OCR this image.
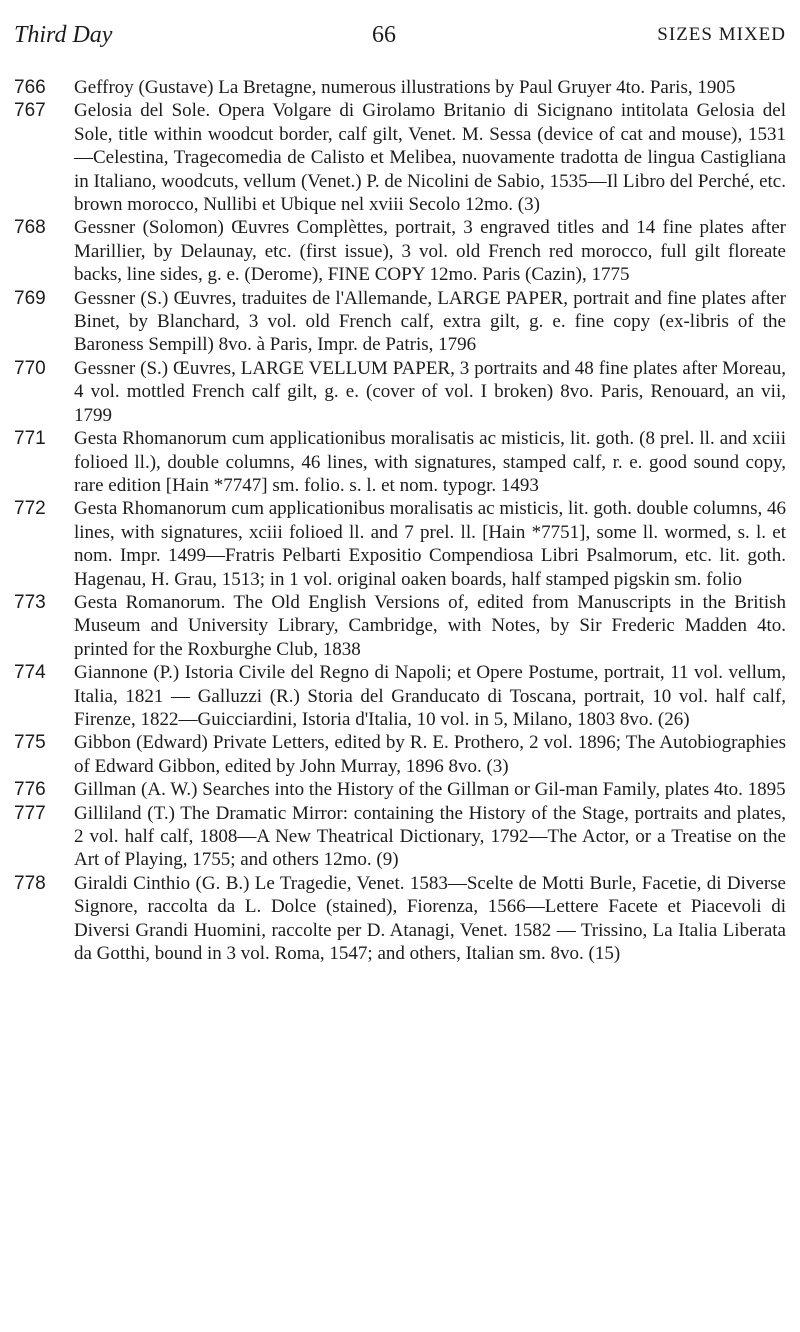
Third Day	66	SIZES MIXED
766	Geffroy (Gustave) La Bretagne, numerous illustrations by Paul Gruyer 4to. Paris, 1905
767	Gelosia del Sole. Opera Volgare di Girolamo Britanio di Sicignano intitolata Gelosia del Sole, title within woodcut border, calf gilt, Venet. M. Sessa (device of cat and mouse), 1531—Celestina, Tragecomedia de Calisto et Melibea, nuovamente tradotta de lingua Castigliana in Italiano, woodcuts, vellum (Venet.) P. de Nicolini de Sabio, 1535—Il Libro del Perché, etc. brown morocco, Nullibi et Ubique nel xviii Secolo 12mo. (3)
768	Gessner (Solomon) Œuvres Complèttes, portrait, 3 engraved titles and 14 fine plates after Marillier, by Delaunay, etc. (first issue), 3 vol. old French red morocco, full gilt floreate backs, line sides, g. e. (Derome), FINE COPY 12mo. Paris (Cazin), 1775
769	Gessner (S.) Œuvres, traduites de l'Allemande, LARGE PAPER, portrait and fine plates after Binet, by Blanchard, 3 vol. old French calf, extra gilt, g. e. fine copy (ex-libris of the Baroness Sempill) 8vo. à Paris, Impr. de Patris, 1796
770	Gessner (S.) Œuvres, LARGE VELLUM PAPER, 3 portraits and 48 fine plates after Moreau, 4 vol. mottled French calf gilt, g. e. (cover of vol. I broken) 8vo. Paris, Renouard, an vii, 1799
771	Gesta Rhomanorum cum applicationibus moralisatis ac misticis, lit. goth. (8 prel. ll. and xciii folioed ll.), double columns, 46 lines, with signatures, stamped calf, r. e. good sound copy, rare edition [Hain *7747] sm. folio. s. l. et nom. typogr. 1493
772	Gesta Rhomanorum cum applicationibus moralisatis ac misticis, lit. goth. double columns, 46 lines, with signatures, xciii folioed ll. and 7 prel. ll. [Hain *7751], some ll. wormed, s. l. et nom. Impr. 1499—Fratris Pelbarti Expositio Compendiosa Libri Psalmorum, etc. lit. goth. Hagenau, H. Grau, 1513; in 1 vol. original oaken boards, half stamped pigskin sm. folio
773	Gesta Romanorum. The Old English Versions of, edited from Manuscripts in the British Museum and University Library, Cambridge, with Notes, by Sir Frederic Madden 4to. printed for the Roxburghe Club, 1838
774	Giannone (P.) Istoria Civile del Regno di Napoli; et Opere Postume, portrait, 11 vol. vellum, Italia, 1821 — Galluzzi (R.) Storia del Granducato di Toscana, portrait, 10 vol. half calf, Firenze, 1822—Guicciardini, Istoria d'Italia, 10 vol. in 5, Milano, 1803 8vo. (26)
775	Gibbon (Edward) Private Letters, edited by R. E. Prothero, 2 vol. 1896; The Autobiographies of Edward Gibbon, edited by John Murray, 1896 8vo. (3)
776	Gillman (A. W.) Searches into the History of the Gillman or Gil-man Family, plates 4to. 1895
777	Gilliland (T.) The Dramatic Mirror: containing the History of the Stage, portraits and plates, 2 vol. half calf, 1808—A New Theatrical Dictionary, 1792—The Actor, or a Treatise on the Art of Playing, 1755; and others 12mo. (9)
778	Giraldi Cinthio (G. B.) Le Tragedie, Venet. 1583—Scelte de Motti Burle, Facetie, di Diverse Signore, raccolta da L. Dolce (stained), Fiorenza, 1566—Lettere Facete et Piacevoli di Diversi Grandi Huomini, raccolte per D. Atanagi, Venet. 1582 — Trissino, La Italia Liberata da Gotthi, bound in 3 vol. Roma, 1547; and others, Italian sm. 8vo. (15)
